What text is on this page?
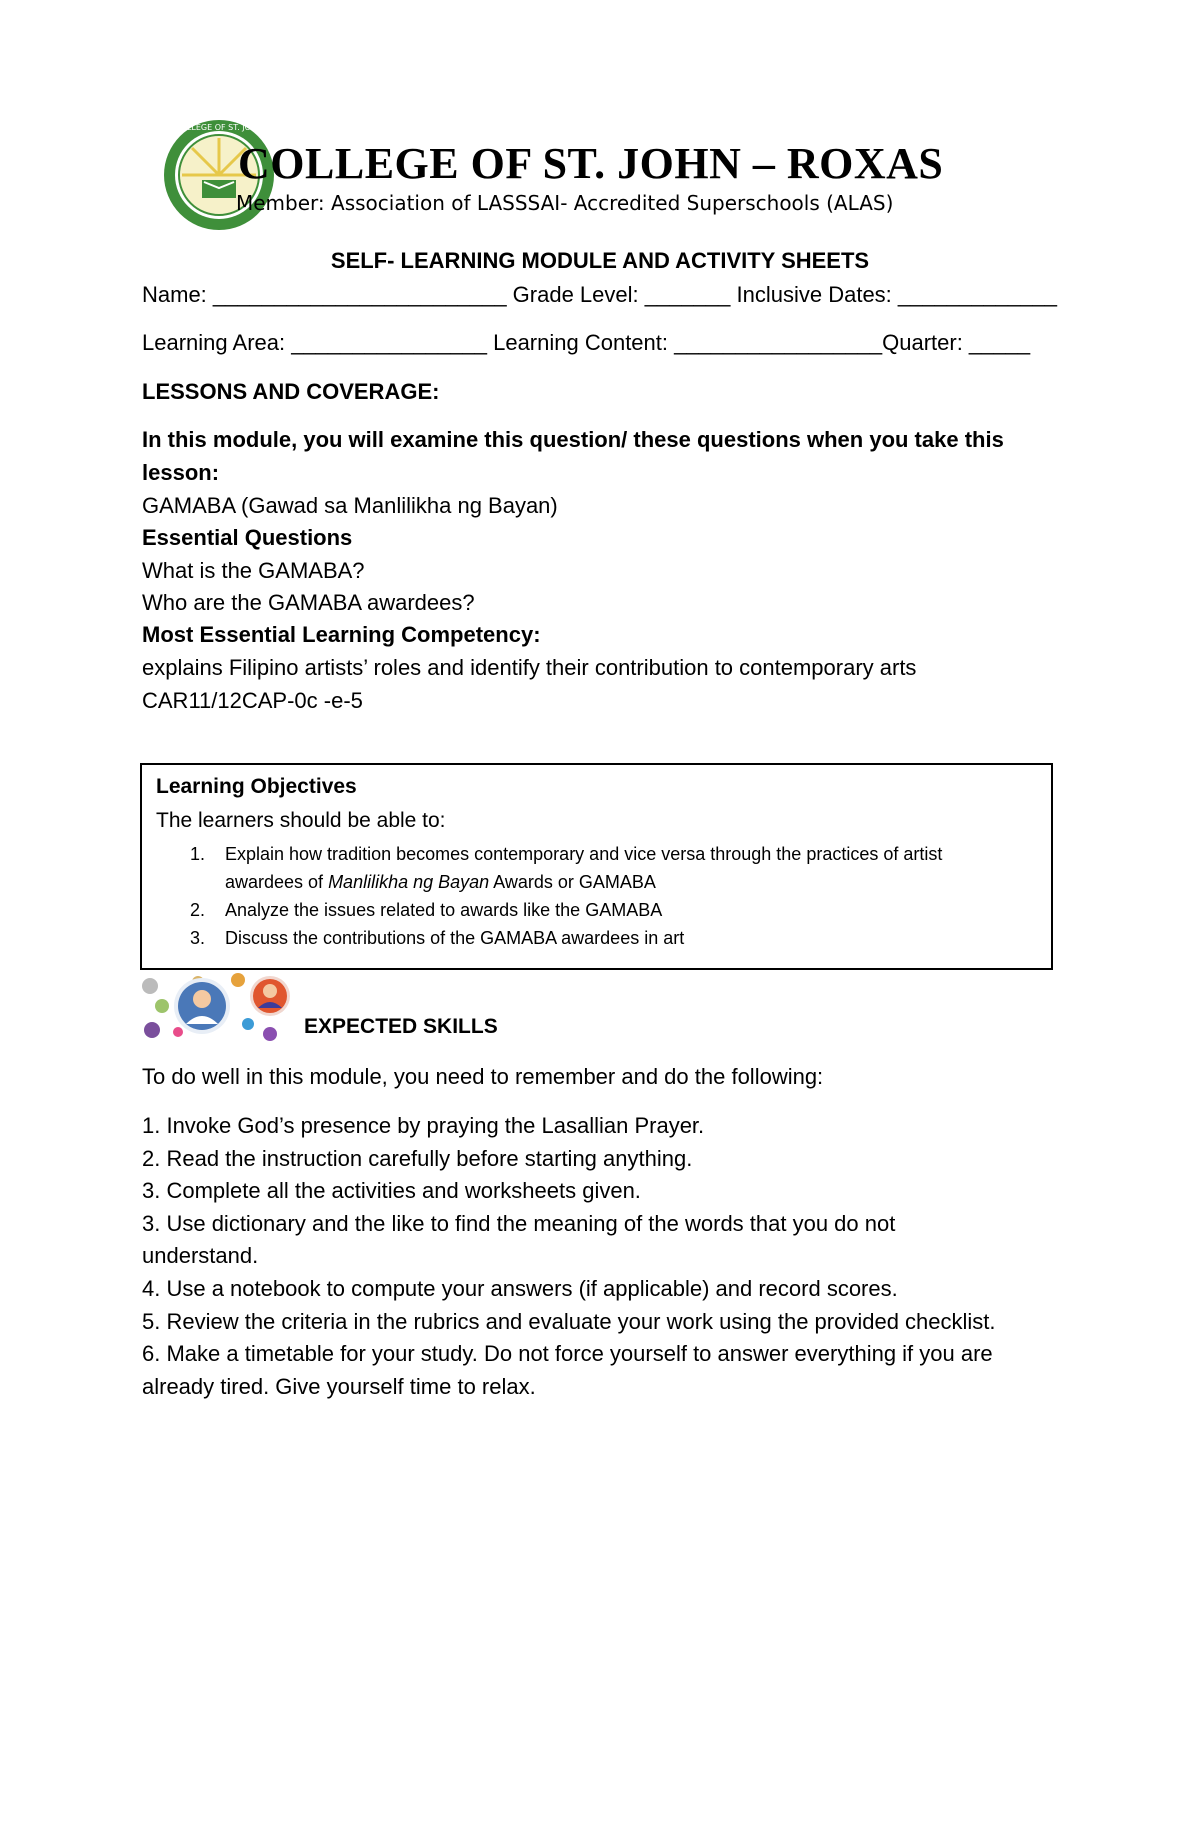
COLLEGE OF ST. JOHN
COLLEGE OF ST. JOHN – ROXAS
Member: Association of LASSSAI- Accredited Superschools (ALAS)
SELF- LEARNING MODULE AND ACTIVITY SHEETS
Name: ________________________ Grade Level: _______ Inclusive Dates: _____________
Learning Area: ________________ Learning Content: _________________Quarter: _____
LESSONS AND COVERAGE:
In this module, you will examine this question/ these questions when you take this
lesson:
GAMABA (Gawad sa Manlilikha ng Bayan)
Essential Questions
What is the GAMABA?
Who are the GAMABA awardees?
Most Essential Learning Competency:
explains Filipino artists’ roles and identify their contribution to contemporary arts
CAR11/12CAP-0c -e-5
Learning Objectives
The learners should be able to:
1. Explain how tradition becomes contemporary and vice versa through the practices of artist
awardees of Manlilikha ng Bayan Awards or GAMABA
2. Analyze the issues related to awards like the GAMABA
3. Discuss the contributions of the GAMABA awardees in art
EXPECTED SKILLS
To do well in this module, you need to remember and do the following:
1. Invoke God’s presence by praying the Lasallian Prayer.
2. Read the instruction carefully before starting anything.
3. Complete all the activities and worksheets given.
3. Use dictionary and the like to find the meaning of the words that you do not
understand.
4. Use a notebook to compute your answers (if applicable) and record scores.
5. Review the criteria in the rubrics and evaluate your work using the provided checklist.
6. Make a timetable for your study. Do not force yourself to answer everything if you are
already tired. Give yourself time to relax.
